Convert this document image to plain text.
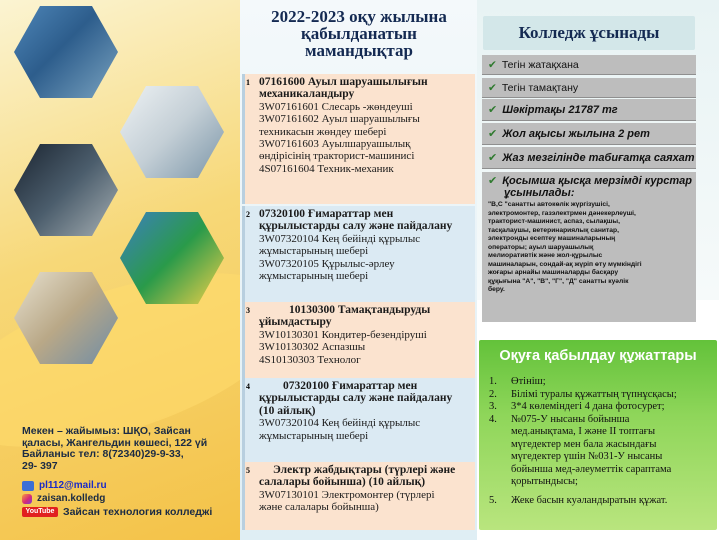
Мекен – жайымыз: ШҚО, Зайсан
қаласы, Жангельдин көшесі, 122 үй
Байланыс тел: 8(72340)29-9-33,
29- 397
pl112@mail.ru
zaisan.kolledg
YouTube Зайсан технология колледжі
2022-2023 оқу жылына
қабылданатын
мамандықтар
1 07161600 Ауыл шаруашылығын
механикаландыру
3W07161601 Слесарь -жөндеуші
3W07161602 Ауыл шаруашылығы
техникасын жөндеу шебері
3W07161603 Ауылшаруашылық
өндірісінің тракторист-машинисі
4S07161604 Техник-механик
2 07320100 Ғимараттар мен
құрылыстарды салу және пайдалану
3W07320104 Кең бейінді құрылыс
жұмыстарының шебері
3W07320105 Құрылыс-әрлеу
жұмыстарының шебері
3	10130300 Тамақтандыруды
ұйымдастыру
3W10130301 Кондитер-безендіруші
3W10130302 Аспазшы
4S10130303 Технолог
4	07320100 Ғимараттар мен
құрылыстарды салу және пайдалану
(10 айлық)
3W07320104 Кең бейінді құрылыс
жұмыстарының шебері
5 Электр жабдықтары (түрлері және
салалары бойынша) (10 айлық)
3W07130101 Электромонтер (түрлері
және салалары бойынша)
Колледж ұсынады
✔ Тегін жатақхана
✔ Тегін тамақтану
✔ Шәкіртақы 21787 тг
✔ Жол ақысы жылына 2 рет
✔ Жаз мезгілінде табиғатқа саяхат
✔ Қосымша қысқа мерзімді курстар
ұсынылады:
"В,С "санатты автокөлік жүргізушісі,
электромонтер, газэлектрмен дәнекерлеуші,
тракторист-машинист, аспаз, сылақшы,
тасқалаушы, ветеринариялық санитар,
электронды есептеу машиналарының
операторы; ауыл шаруашылық
мелиоративтік және жол-құрылыс
машиналарын, сондай-ақ жүріп өту мүмкіндігі
жоғары арнайы машиналарды басқару
құқығына "А", "В", "Г", "Д" санатты куәлік
беру.
Оқуға қабылдау құжаттары
1.	Өтініш;
2.	Білімі туралы құжаттың түпнұсқасы;
3.	3*4 көлеміндегі 4 дана фотосурет;
4.	№075-У нысаны бойынша
мед.анықтама, І және ІІ топтағы
мүгедектер мен бала жасындағы
мүгедектер үшін №031-У нысаны
бойынша мед-әлеуметтік сараптама
қорытындысы;
5.	Жеке басын куәландыратын құжат.
